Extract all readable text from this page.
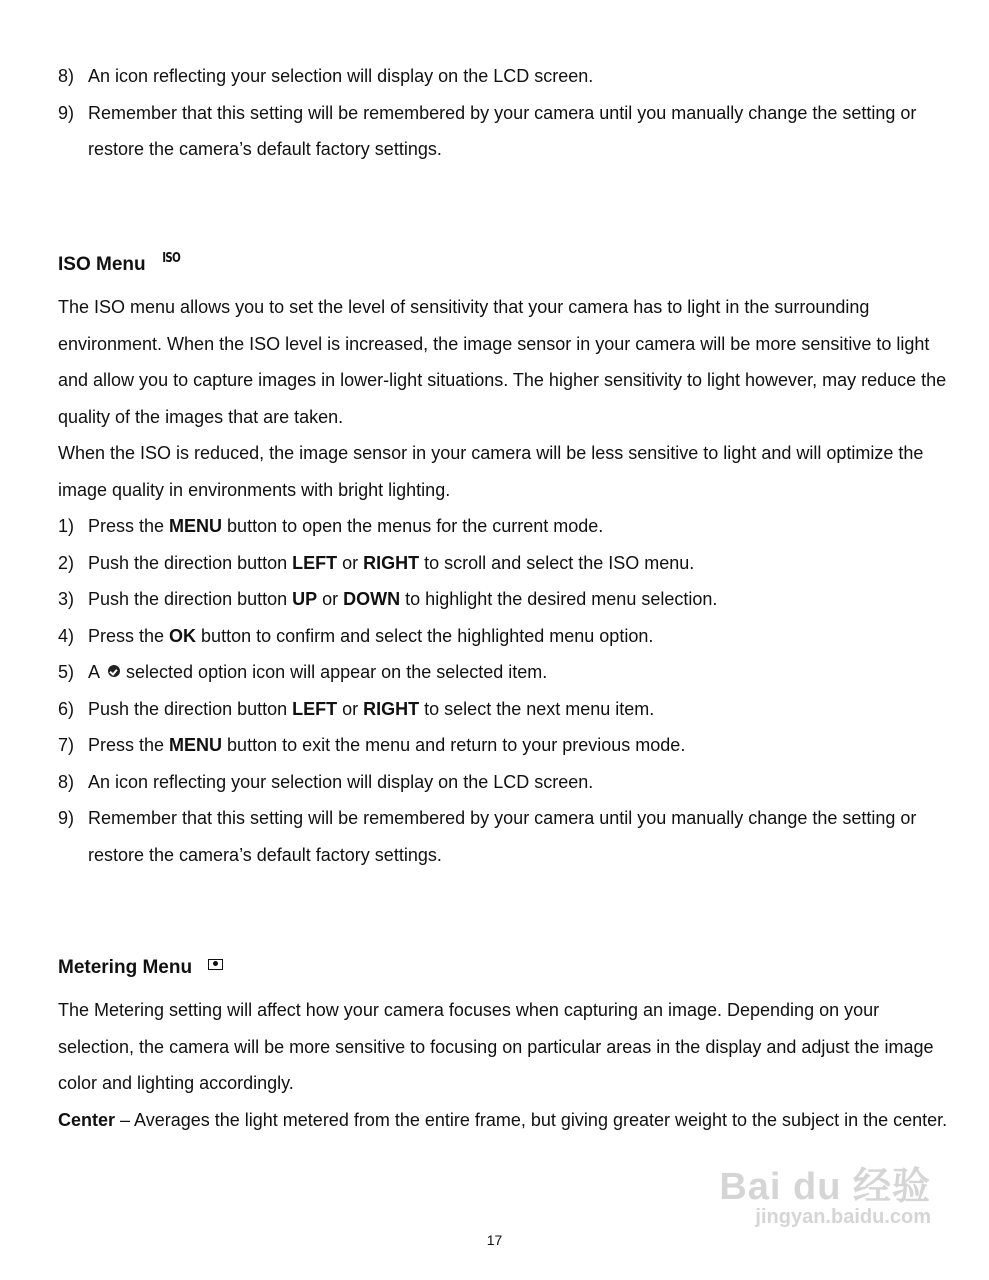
8) An icon reflecting your selection will display on the LCD screen.
9) Remember that this setting will be remembered by your camera until you manually change the setting or restore the camera’s default factory settings.
ISO Menu ISO
The ISO menu allows you to set the level of sensitivity that your camera has to light in the surrounding environment. When the ISO level is increased, the image sensor in your camera will be more sensitive to light and allow you to capture images in lower-light situations. The higher sensitivity to light however, may reduce the quality of the images that are taken.
When the ISO is reduced, the image sensor in your camera will be less sensitive to light and will optimize the image quality in environments with bright lighting.
1) Press the MENU button to open the menus for the current mode.
2) Push the direction button LEFT or RIGHT to scroll and select the ISO menu.
3) Push the direction button UP or DOWN to highlight the desired menu selection.
4) Press the OK button to confirm and select the highlighted menu option.
5) A selected option icon will appear on the selected item.
6) Push the direction button LEFT or RIGHT to select the next menu item.
7) Press the MENU button to exit the menu and return to your previous mode.
8) An icon reflecting your selection will display on the LCD screen.
9) Remember that this setting will be remembered by your camera until you manually change the setting or restore the camera’s default factory settings.
Metering Menu
The Metering setting will affect how your camera focuses when capturing an image. Depending on your selection, the camera will be more sensitive to focusing on particular areas in the display and adjust the image color and lighting accordingly.
Center – Averages the light metered from the entire frame, but giving greater weight to the subject in the center.
17
Bai du 经验
jingyan.baidu.com
